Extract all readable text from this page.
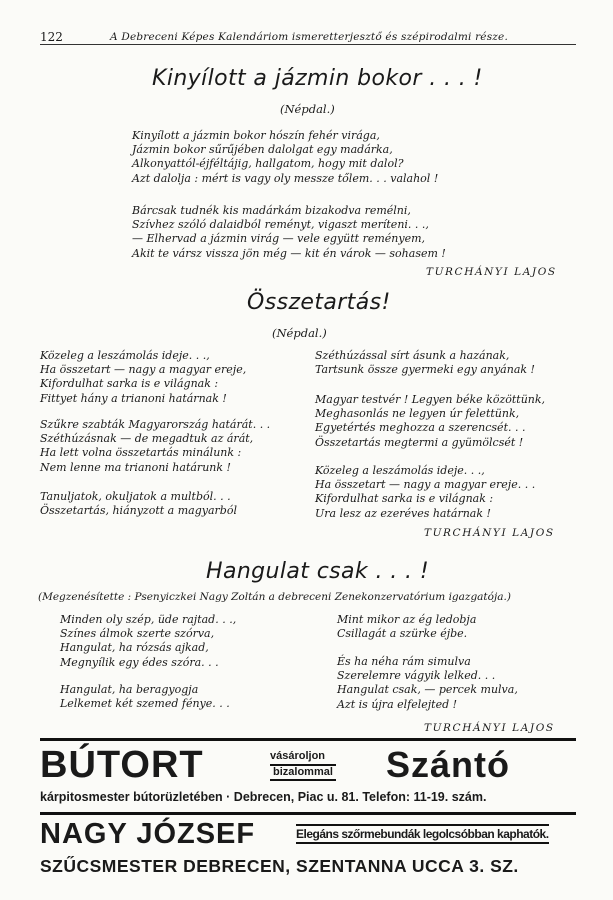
122	A Debreceni Képes Kalendáriom ismeretterjesztő és szépirodalmi része.
Kinyílott a jázmin bokor . . . !
(Népdal.)
Kinyílott a jázmin bokor hószín fehér virága,
Jázmin bokor sűrűjében dalolgat egy madárka,
Alkonyattól-éjféltájig, hallgatom, hogy mit dalol?
Azt dalolja : mért is vagy oly messze tőlem. . . valahol !
Bárcsak tudnék kis madárkám bizakodva remélni,
Szívhez szóló dalaidból reményt, vigaszt meríteni. . .,
— Elhervad a jázmin virág — vele együtt reményem,
Akit te vársz vissza jön még — kit én várok — sohasem !
TURCHÁNYI LAJOS
Összetartás!
(Népdal.)
Közeleg a leszámolás ideje. . .,
Ha összetart — nagy a magyar ereje,
Kifordulhat sarka is e világnak :
Fittyet hány a trianoni határnak !
Szűkre szabták Magyarország határát. . .
Széthúzásnak — de megadtuk az árát,
Ha lett volna összetartás minálunk :
Nem lenne ma trianoni határunk !
Tanuljatok, okuljatok a multból. . .
Összetartás, hiányzott a magyarból
Széthúzással sírt ásunk a hazának,
Tartsunk össze gyermeki egy anyának !
Magyar testvér ! Legyen béke közöttünk,
Meghasonlás ne legyen úr felettünk,
Egyetértés meghozza a szerencsét. . .
Összetartás megtermi a gyümölcsét !
Közeleg a leszámolás ideje. . .,
Ha összetart — nagy a magyar ereje. . .
Kifordulhat sarka is e világnak :
Ura lesz az ezeréves határnak !
TURCHÁNYI LAJOS
Hangulat csak . . . !
(Megzenésítette : Psenyiczkei Nagy Zoltán a debreceni Zenekonzervatórium igazgatója.)
Minden oly szép, üde rajtad. . .,
Színes álmok szerte szórva,
Hangulat, ha rózsás ajkad,
Megnyílik egy édes szóra. . .
Hangulat, ha beragyogja
Lelkemet két szemed fénye. . .
Mint mikor az ég ledobja
Csillagát a szürke éjbe.
És ha néha rám simulva
Szerelemre vágyik lelked. . .
Hangulat csak, — percek mulva,
Azt is újra elfelejted !
TURCHÁNYI LAJOS
BÚTORT	vásároljon
bizalommal Szántó
kárpitosmester bútorüzletében · Debrecen, Piac u. 81. Telefon: 11-19. szám.
NAGY JÓZSEF	Elegáns szőrmebundák legolcsóbban kaphatók.
SZŰCSMESTER DEBRECEN, SZENTANNA UCCA 3. SZ.
